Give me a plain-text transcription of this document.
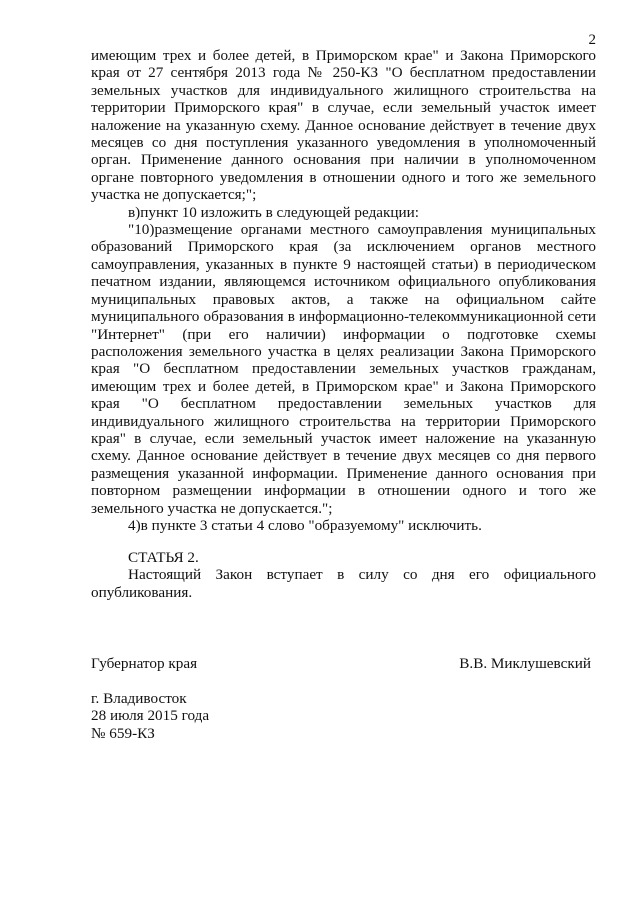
2

имеющим трех и более детей, в Приморском крае" и Закона Приморского края от 27 сентября 2013 года № 250-КЗ "О бесплатном предоставлении земельных участков для индивидуального жилищного строительства на территории Приморского края" в случае, если земельный участок имеет наложение на указанную схему. Данное основание действует в течение двух месяцев со дня поступления указанного уведомления в уполномоченный орган. Применение данного основания при наличии в уполномоченном органе повторного уведомления в отношении одного и того же земельного участка не допускается;";

в)пункт 10 изложить в следующей редакции:

"10)размещение органами местного самоуправления муниципальных образований Приморского края (за исключением органов местного самоуправления, указанных в пункте 9 настоящей статьи) в периодическом печатном издании, являющемся источником официального опубликования муниципальных правовых актов, а также на официальном сайте муниципального образования в информационно-телекоммуникационной сети "Интернет" (при его наличии) информации о подготовке схемы расположения земельного участка в целях реализации Закона Приморского края "О бесплатном предоставлении земельных участков гражданам, имеющим трех и более детей, в Приморском крае" и Закона Приморского края "О бесплатном предоставлении земельных участков для индивидуального жилищного строительства на территории Приморского края" в случае, если земельный участок имеет наложение на указанную схему. Данное основание действует в течение двух месяцев со дня первого размещения указанной информации. Применение данного основания при повторном размещении информации в отношении одного и того же земельного участка не допускается.";

4)в пункте 3 статьи 4 слово "образуемому" исключить.

СТАТЬЯ 2.

Настоящий Закон вступает в силу со дня его официального опубликования.

Губернатор края	В.В. Миклушевский
г. Владивосток
28 июля 2015 года
№ 659-КЗ
